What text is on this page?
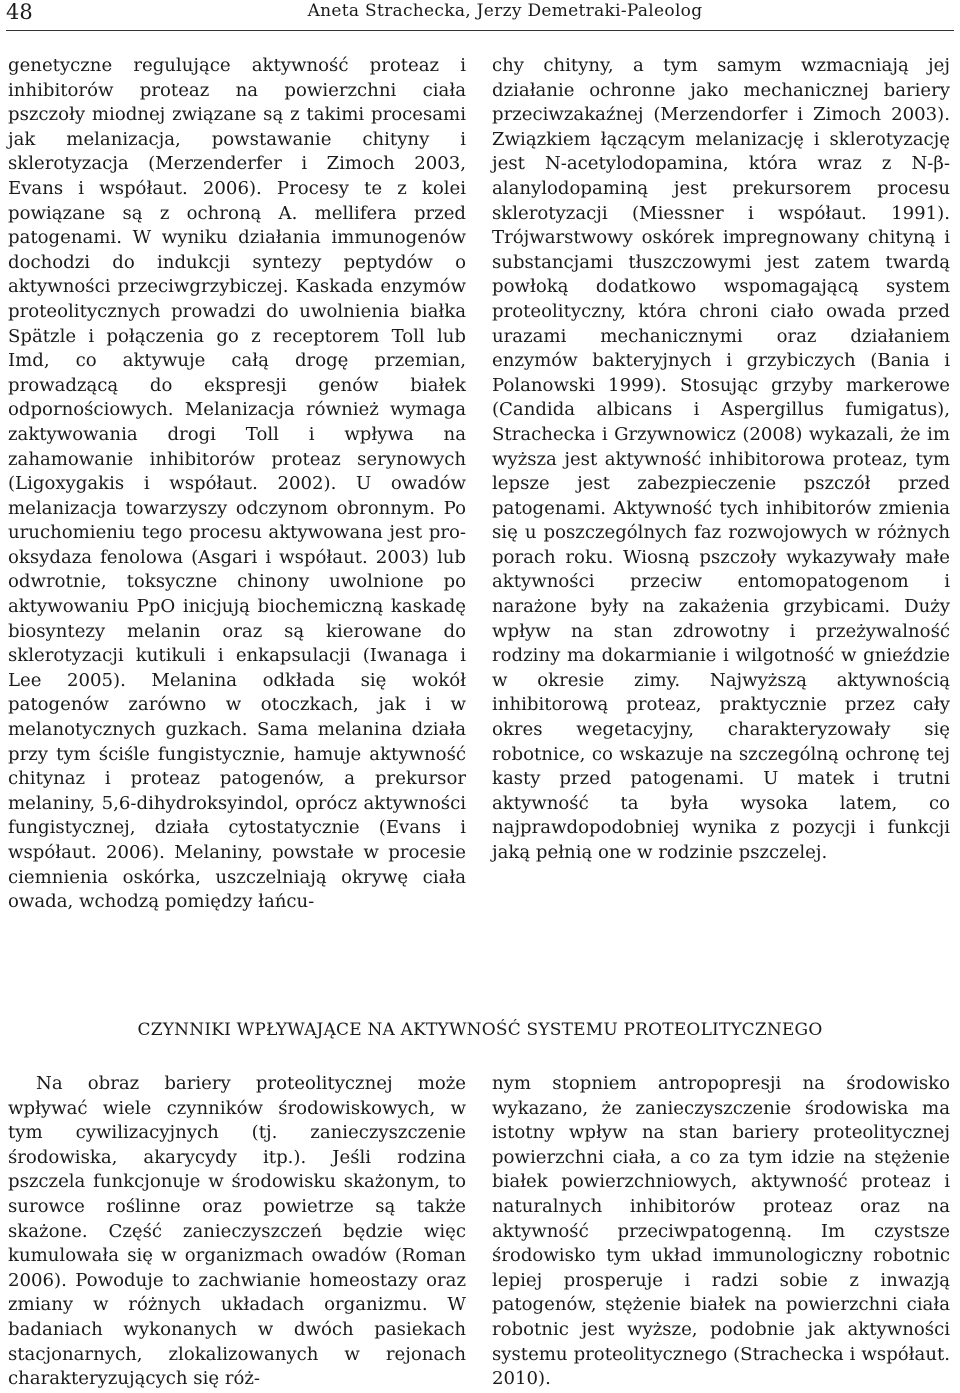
48	Aneta Strachecka, Jerzy Demetraki-Paleolog

genetyczne regulujące aktywność proteaz i inhibitorów proteaz na powierzchni ciała pszczoły miodnej związane są z takimi procesami jak melanizacja, powstawanie chityny i sklerotyzacja (Merzenderfer i Zimoch 2003, Evans i współaut. 2006). Procesy te z kolei powiązane są z ochroną A. mellifera przed patogenami. W wyniku działania immunogenów dochodzi do indukcji syntezy peptydów o aktywności przeciwgrzybiczej. Kaskada enzymów proteolitycznych prowadzi do uwolnienia białka Spätzle i połączenia go z receptorem Toll lub Imd, co aktywuje całą drogę przemian, prowadzącą do ekspresji genów białek odpornościowych. Melanizacja również wymaga zaktywowania drogi Toll i wpływa na zahamowanie inhibitorów proteaz serynowych (Ligoxygakis i współaut. 2002). U owadów melanizacja towarzyszy odczynom obronnym. Po uruchomieniu tego procesu aktywowana jest pro-oksydaza fenolowa (Asgari i współaut. 2003) lub odwrotnie, toksyczne chinony uwolnione po aktywowaniu PpO inicjują biochemiczną kaskadę biosyntezy melanin oraz są kierowane do sklerotyzacji kutikuli i enkapsulacji (Iwanaga i Lee 2005). Melanina odkłada się wokół patogenów zarówno w otoczkach, jak i w melanotycznych guzkach. Sama melanina działa przy tym ściśle fungistycznie, hamuje aktywność chitynaz i proteaz patogenów, a prekursor melaniny, 5,6-dihydroksyindol, oprócz aktywności fungistycznej, działa cytostatycznie (Evans i współaut. 2006). Melaniny, powstałe w procesie ciemnienia oskórka, uszczelniają okrywę ciała owada, wchodzą pomiędzy łańcu-

chy chityny, a tym samym wzmacniają jej działanie ochronne jako mechanicznej bariery przeciwzakaźnej (Merzendorfer i Zimoch 2003). Związkiem łączącym melanizację i sklerotyzację jest N-acetylodopamina, która wraz z N-β-alanylodopaminą jest prekursorem procesu sklerotyzacji (Miessner i współaut. 1991). Trójwarstwowy oskórek impregnowany chityną i substancjami tłuszczowymi jest zatem twardą powłoką dodatkowo wspomagającą system proteolityczny, która chroni ciało owada przed urazami mechanicznymi oraz działaniem enzymów bakteryjnych i grzybiczych (Bania i Polanowski 1999). Stosując grzyby markerowe (Candida albicans i Aspergillus fumigatus), Strachecka i Grzywnowicz (2008) wykazali, że im wyższa jest aktywność inhibitorowa proteaz, tym lepsze jest zabezpieczenie pszczół przed patogenami. Aktywność tych inhibitorów zmienia się u poszczególnych faz rozwojowych w różnych porach roku. Wiosną pszczoły wykazywały małe aktywności przeciw entomopatogenom i narażone były na zakażenia grzybicami. Duży wpływ na stan zdrowotny i przeżywalność rodziny ma dokarmianie i wilgotność w gnieździe w okresie zimy. Najwyższą aktywnością inhibitorową proteaz, praktycznie przez cały okres wegetacyjny, charakteryzowały się robotnice, co wskazuje na szczególną ochronę tej kasty przed patogenami. U matek i trutni aktywność ta była wysoka latem, co najprawdopodobniej wynika z pozycji i funkcji jaką pełnią one w rodzinie pszczelej.

CZYNNIKI WPŁYWAJĄCE NA AKTYWNOŚĆ SYSTEMU PROTEOLITYCZNEGO

Na obraz bariery proteolitycznej może wpływać wiele czynników środowiskowych, w tym cywilizacyjnych (tj. zanieczyszczenie środowiska, akarycydy itp.). Jeśli rodzina pszczela funkcjonuje w środowisku skażonym, to surowce roślinne oraz powietrze są także skażone. Część zanieczyszczeń będzie więc kumulowała się w organizmach owadów (Roman 2006). Powoduje to zachwianie homeostazy oraz zmiany w różnych układach organizmu. W badaniach wykonanych w dwóch pasiekach stacjonarnych, zlokalizowanych w rejonach charakteryzujących się róż-

nym stopniem antropopresji na środowisko wykazano, że zanieczyszczenie środowiska ma istotny wpływ na stan bariery proteolitycznej powierzchni ciała, a co za tym idzie na stężenie białek powierzchniowych, aktywność proteaz i naturalnych inhibitorów proteaz oraz na aktywność przeciwpatogenną. Im czystsze środowisko tym układ immunologiczny robotnic lepiej prosperuje i radzi sobie z inwazją patogenów, stężenie białek na powierzchni ciała robotnic jest wyższe, podobnie jak aktywności systemu proteolitycznego (Strachecka i współaut. 2010).
